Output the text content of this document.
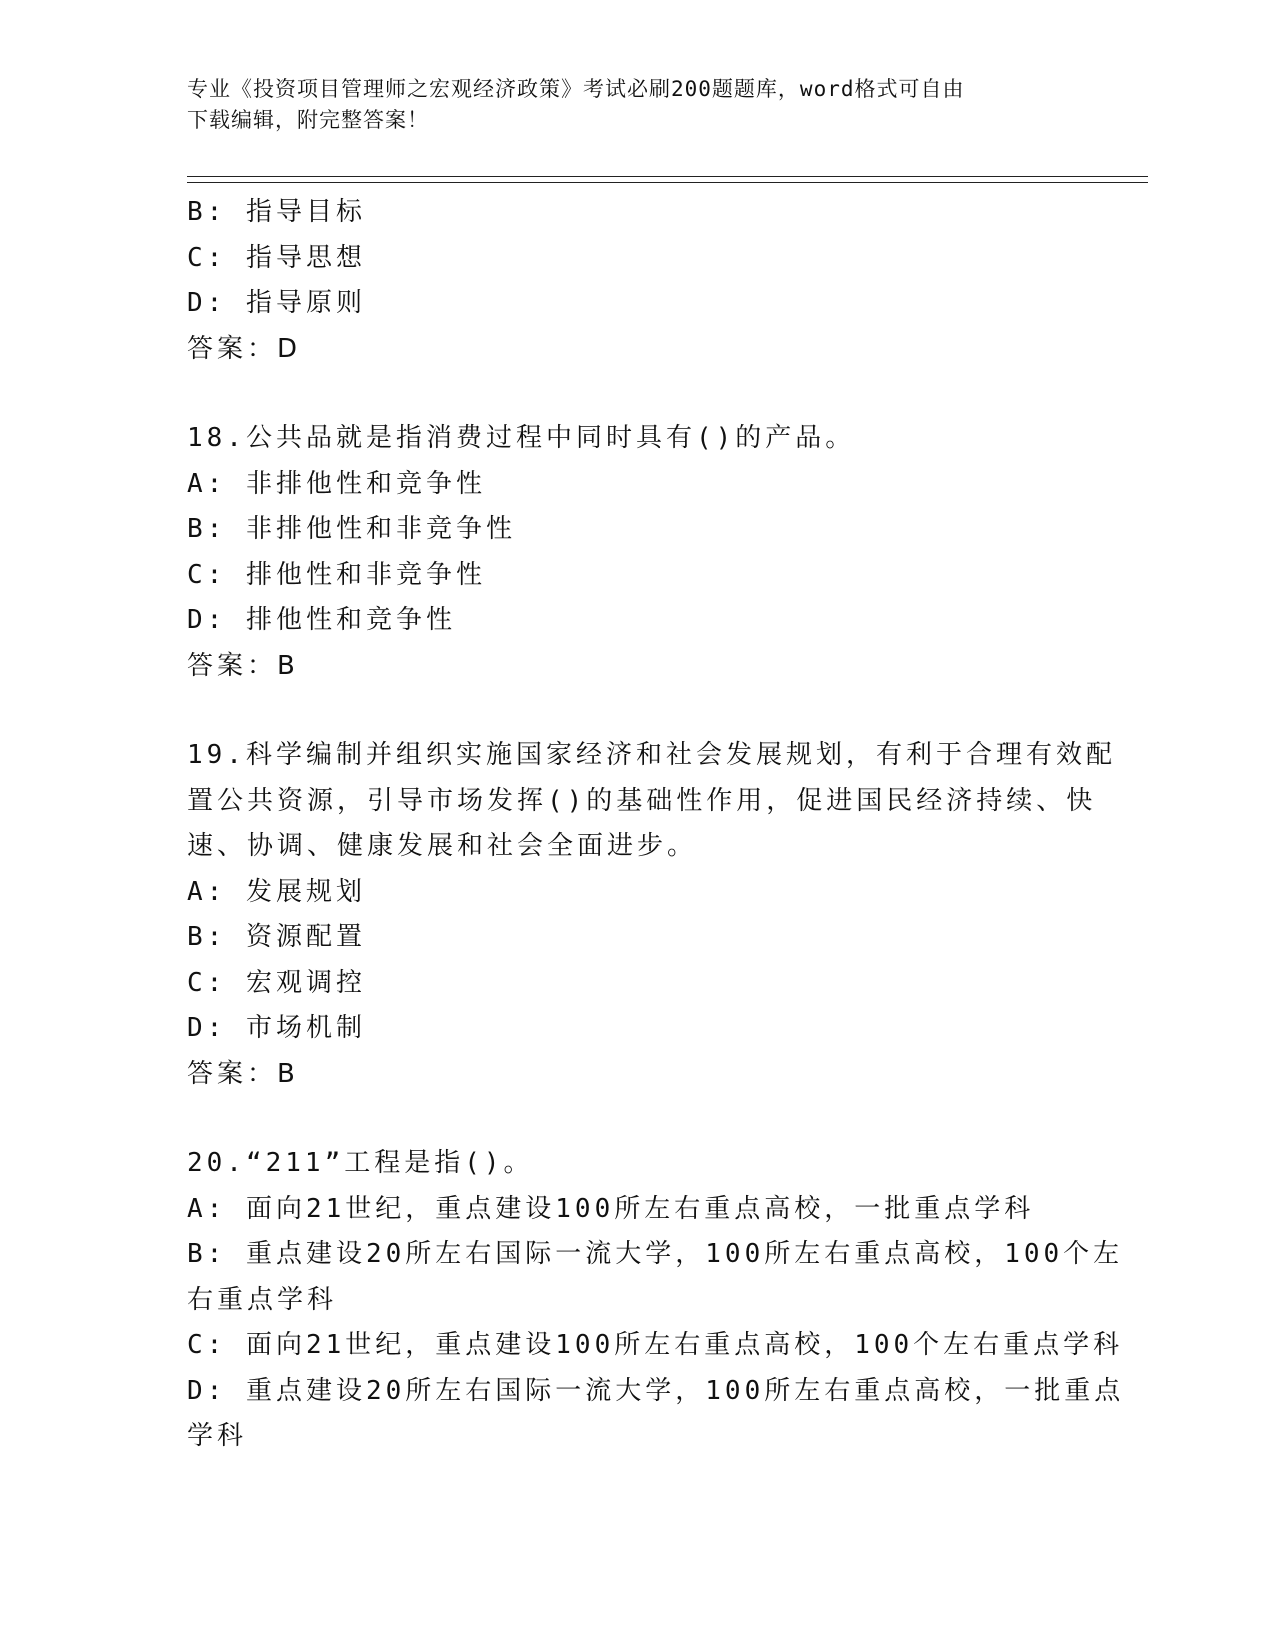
专业《投资项目管理师之宏观经济政策》考试必刷200题题库，word格式可自由
下载编辑，附完整答案！
B: 指导目标
C: 指导思想
D: 指导原则
答案：D
18.公共品就是指消费过程中同时具有()的产品。
A: 非排他性和竞争性
B: 非排他性和非竞争性
C: 排他性和非竞争性
D: 排他性和竞争性
答案：B
19.科学编制并组织实施国家经济和社会发展规划，有利于合理有效配
置公共资源，引导市场发挥()的基础性作用，促进国民经济持续、快
速、协调、健康发展和社会全面进步。
A: 发展规划
B: 资源配置
C: 宏观调控
D: 市场机制
答案：B
20.“211”工程是指()。
A: 面向21世纪，重点建设100所左右重点高校，一批重点学科
B: 重点建设20所左右国际一流大学，100所左右重点高校，100个左
右重点学科
C: 面向21世纪，重点建设100所左右重点高校，100个左右重点学科
D: 重点建设20所左右国际一流大学，100所左右重点高校，一批重点
学科
